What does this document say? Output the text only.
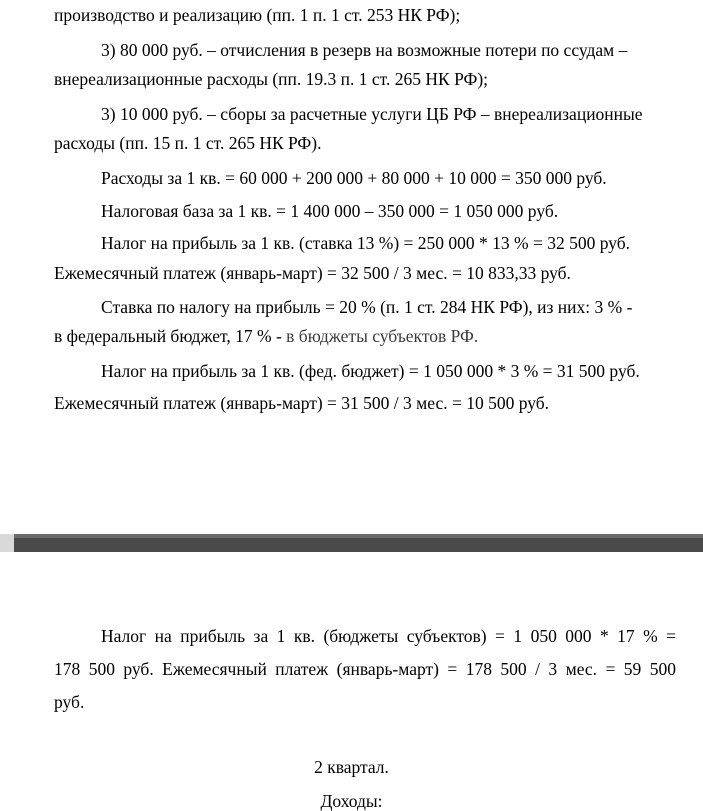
производство и реализацию (пп. 1 п. 1 ст. 253 НК РФ);
3) 80 000 руб. – отчисления в резерв на возможные потери по ссудам –
внереализационные расходы (пп. 19.3 п. 1 ст. 265 НК РФ);
3) 10 000 руб. – сборы за расчетные услуги ЦБ РФ – внереализационные
расходы (пп. 15 п. 1 ст. 265 НК РФ).
Расходы за 1 кв. = 60 000 + 200 000 + 80 000 + 10 000 = 350 000 руб.
Налоговая база за 1 кв. = 1 400 000 – 350 000 = 1 050 000 руб.
Налог на прибыль за 1 кв. (ставка 13 %) = 250 000 * 13 % = 32 500 руб.
Ежемесячный платеж (январь-март) = 32 500 / 3 мес. = 10 833,33 руб.
Ставка по налогу на прибыль = 20 % (п. 1 ст. 284 НК РФ), из них: 3 % -
в федеральный бюджет, 17 % - в бюджеты субъектов РФ.
Налог на прибыль за 1 кв. (фед. бюджет) = 1 050 000 * 3 % = 31 500 руб.
Ежемесячный платеж (январь-март) = 31 500 / 3 мес. = 10 500 руб.
Налог на прибыль за 1 кв. (бюджеты субъектов) = 1 050 000 * 17 % =
178 500 руб. Ежемесячный платеж (январь-март) = 178 500 / 3 мес. = 59 500
руб.
2 квартал.
Доходы:
